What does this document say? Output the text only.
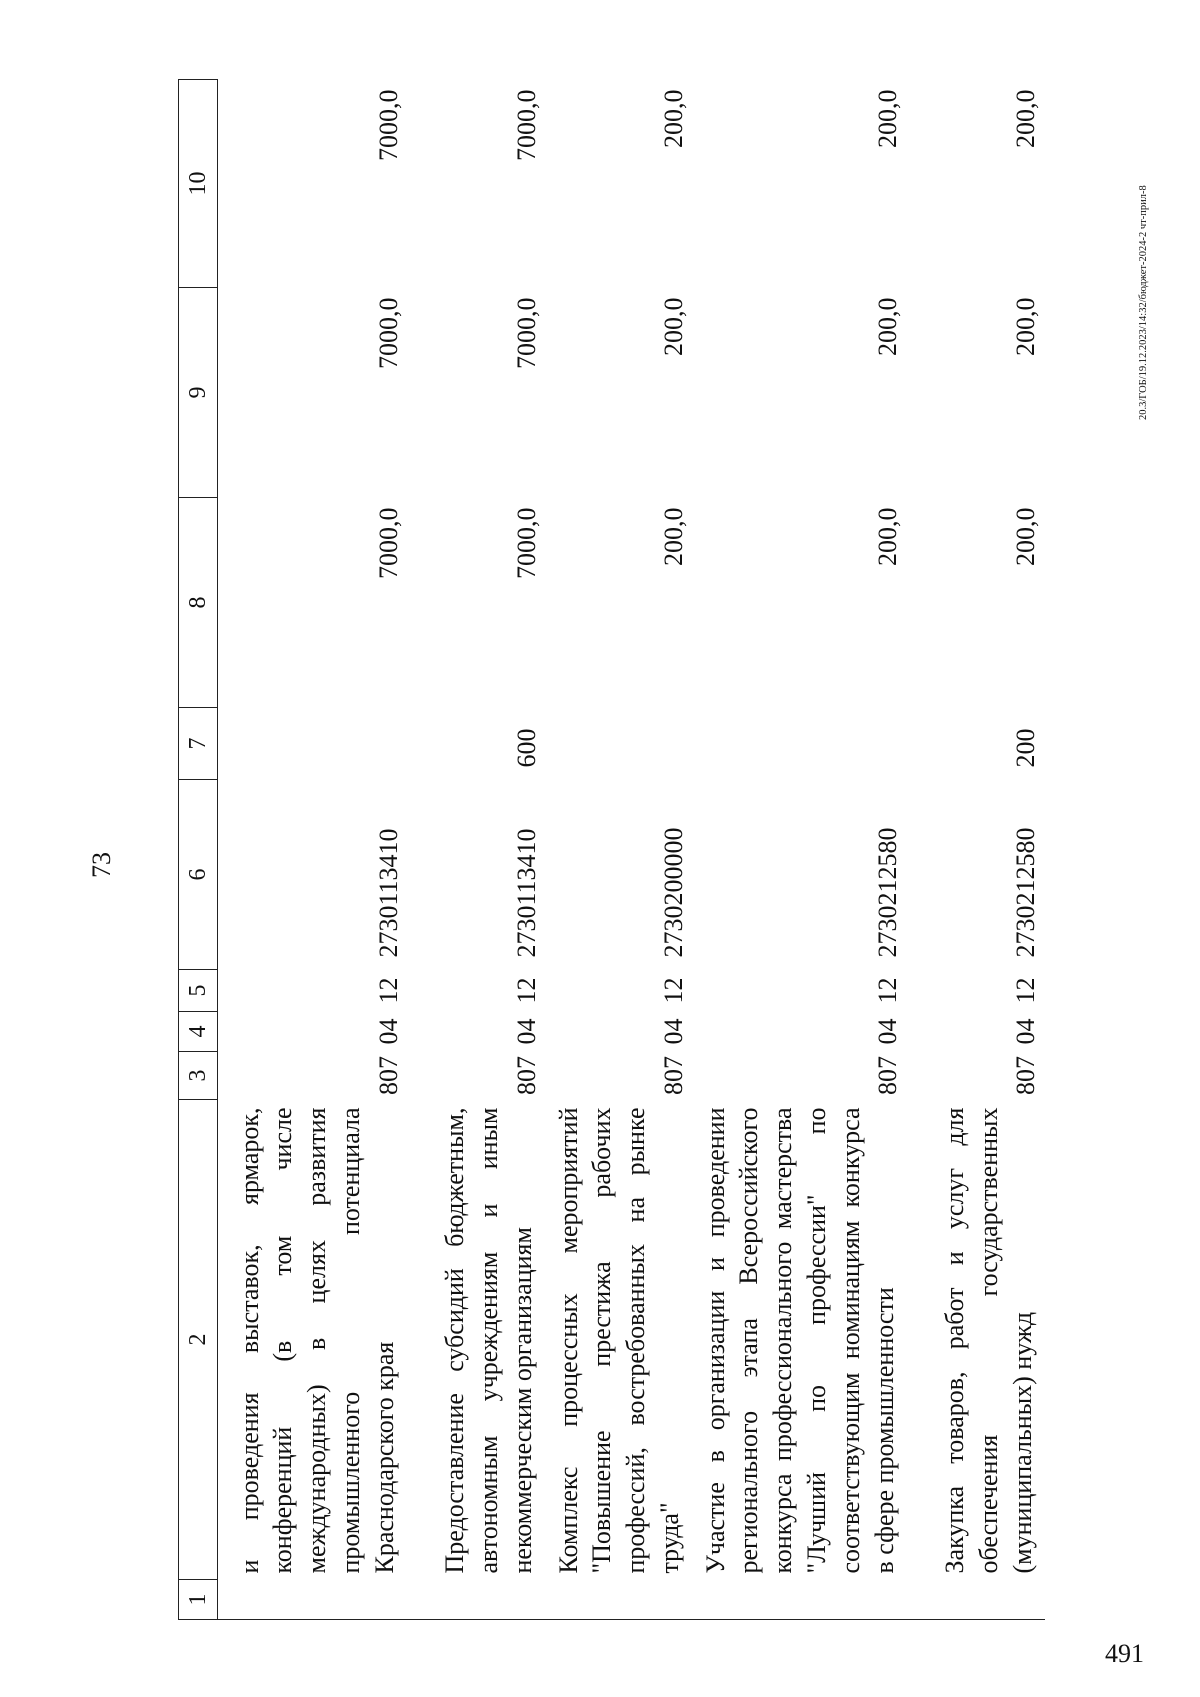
73
20.3/ГОБ/19.12.2023/14:32/бюджет-2024-2 чт-прил-8
491
1	2	3	4	5	6	7	8	9	10
	и проведения выставок, ярмарок, конференций (в том числе международных) в целях развития промышленного потенциала Краснодарского края	807	04	12	2730113410		7000,0	7000,0	7000,0
	Предоставление субсидий бюджетным, автономным учреждениям и иным некоммерческим организациям	807	04	12	2730113410	600	7000,0	7000,0	7000,0
	Комплекс процессных мероприятий "Повышение престижа рабочих профессий, востребованных на рынке труда"	807	04	12	2730200000		200,0	200,0	200,0
	Участие в организации и проведении регионального этапа Всероссийского конкурса профессионального мастерства "Лучший по профессии" по соответствующим номинациям конкурса в сфере промышленности	807	04	12	2730212580		200,0	200,0	200,0
	Закупка товаров, работ и услуг для обеспечения государственных (муниципальных) нужд	807	04	12	2730212580	200	200,0	200,0	200,0
